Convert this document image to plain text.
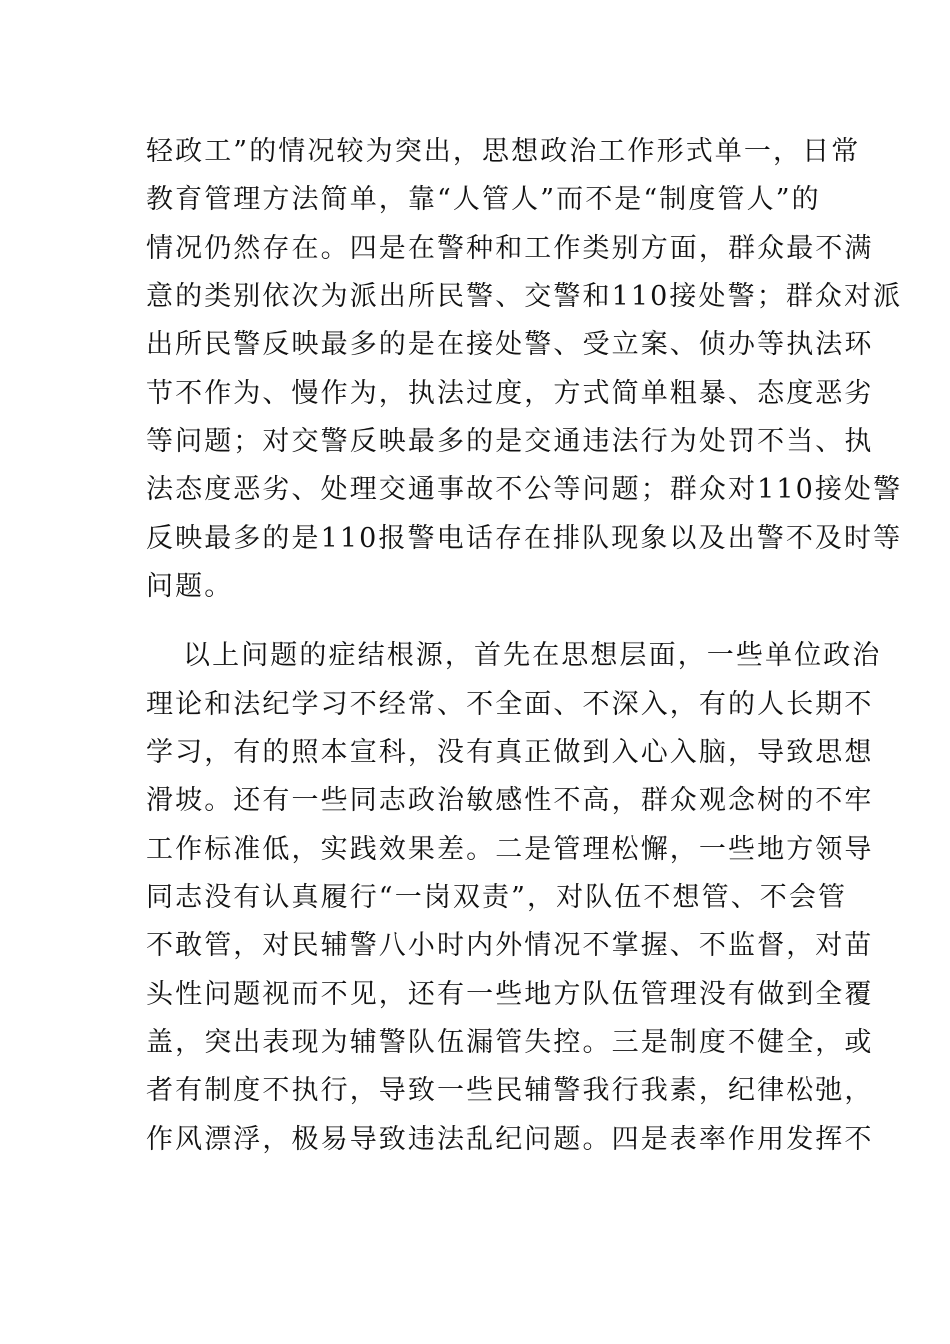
轻政工”的情况较为突出，思想政治工作形式单一，日常
教育管理方法简单，靠“人管人”而不是“制度管人”的
情况仍然存在。四是在警种和工作类别方面，群众最不满
意的类别依次为派出所民警、交警和110接处警；群众对派
出所民警反映最多的是在接处警、受立案、侦办等执法环
节不作为、慢作为，执法过度，方式简单粗暴、态度恶劣
等问题；对交警反映最多的是交通违法行为处罚不当、执
法态度恶劣、处理交通事故不公等问题；群众对110接处警
反映最多的是110报警电话存在排队现象以及出警不及时等
问题。
以上问题的症结根源，首先在思想层面，一些单位政治
理论和法纪学习不经常、不全面、不深入，有的人长期不
学习，有的照本宣科，没有真正做到入心入脑，导致思想
滑坡。还有一些同志政治敏感性不高，群众观念树的不牢
工作标准低，实践效果差。二是管理松懈，一些地方领导
同志没有认真履行“一岗双责”，对队伍不想管、不会管
不敢管，对民辅警八小时内外情况不掌握、不监督，对苗
头性问题视而不见，还有一些地方队伍管理没有做到全覆
盖，突出表现为辅警队伍漏管失控。三是制度不健全，或
者有制度不执行，导致一些民辅警我行我素，纪律松弛，
作风漂浮，极易导致违法乱纪问题。四是表率作用发挥不
